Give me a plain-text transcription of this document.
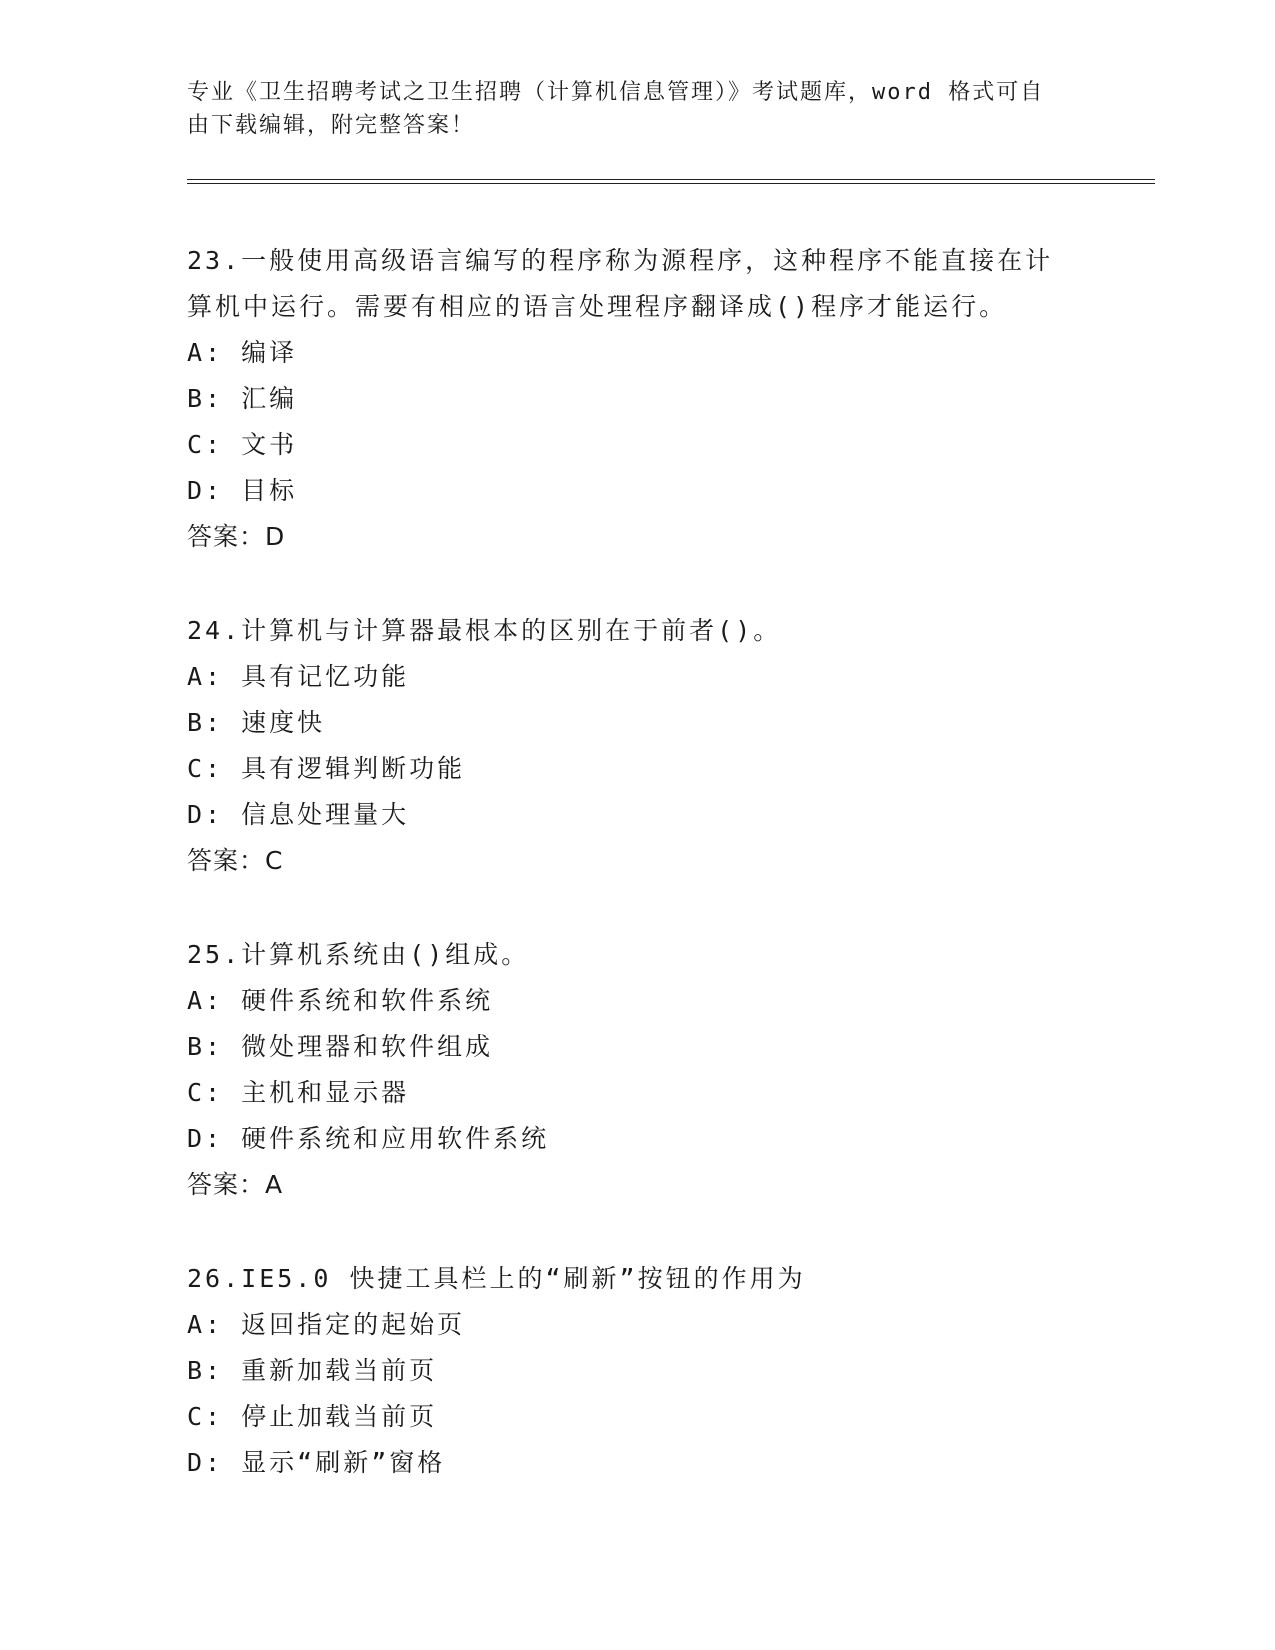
专业《卫生招聘考试之卫生招聘（计算机信息管理）》考试题库，word 格式可自
由下载编辑，附完整答案！
23.一般使用高级语言编写的程序称为源程序，这种程序不能直接在计
算机中运行。需要有相应的语言处理程序翻译成()程序才能运行。
A: 编译
B: 汇编
C: 文书
D: 目标
答案：D
24.计算机与计算器最根本的区别在于前者()。
A: 具有记忆功能
B: 速度快
C: 具有逻辑判断功能
D: 信息处理量大
答案：C
25.计算机系统由()组成。
A: 硬件系统和软件系统
B: 微处理器和软件组成
C: 主机和显示器
D: 硬件系统和应用软件系统
答案：A
26.IE5.0 快捷工具栏上的“刷新”按钮的作用为
A: 返回指定的起始页
B: 重新加载当前页
C: 停止加载当前页
D: 显示“刷新”窗格
